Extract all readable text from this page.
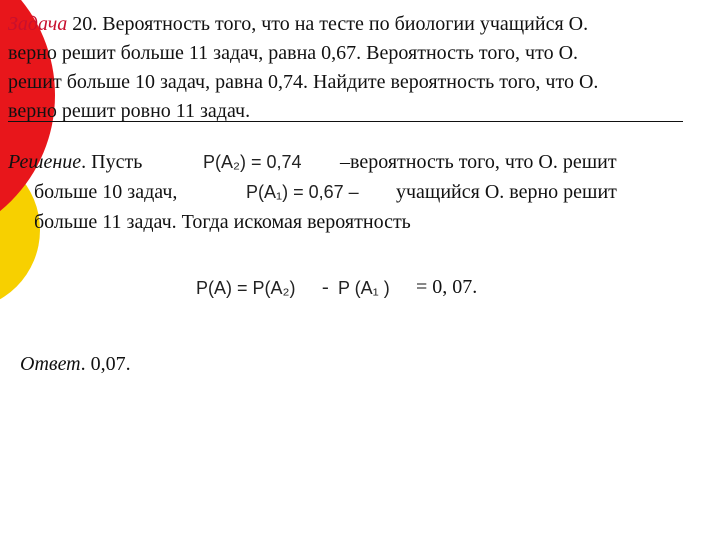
Задача 20. Вероятность того, что на тесте по биологии учащийся О.
верно решит больше 11 задач, равна 0,67. Вероятность того, что О.
решит больше 10 задач, равна 0,74. Найдите вероятность того, что О.
верно решит ровно 11 задач.
Решение. Пусть	P(A₂) = 0,74 –вероятность того, что О. решит
больше 10 задач,	P(A₁) = 0,67 – учащийся О. верно решит
больше 11 задач. Тогда искомая вероятность
P(A) = P(A₂) - P (A₁ ) = 0, 07.
Ответ. 0,07.
